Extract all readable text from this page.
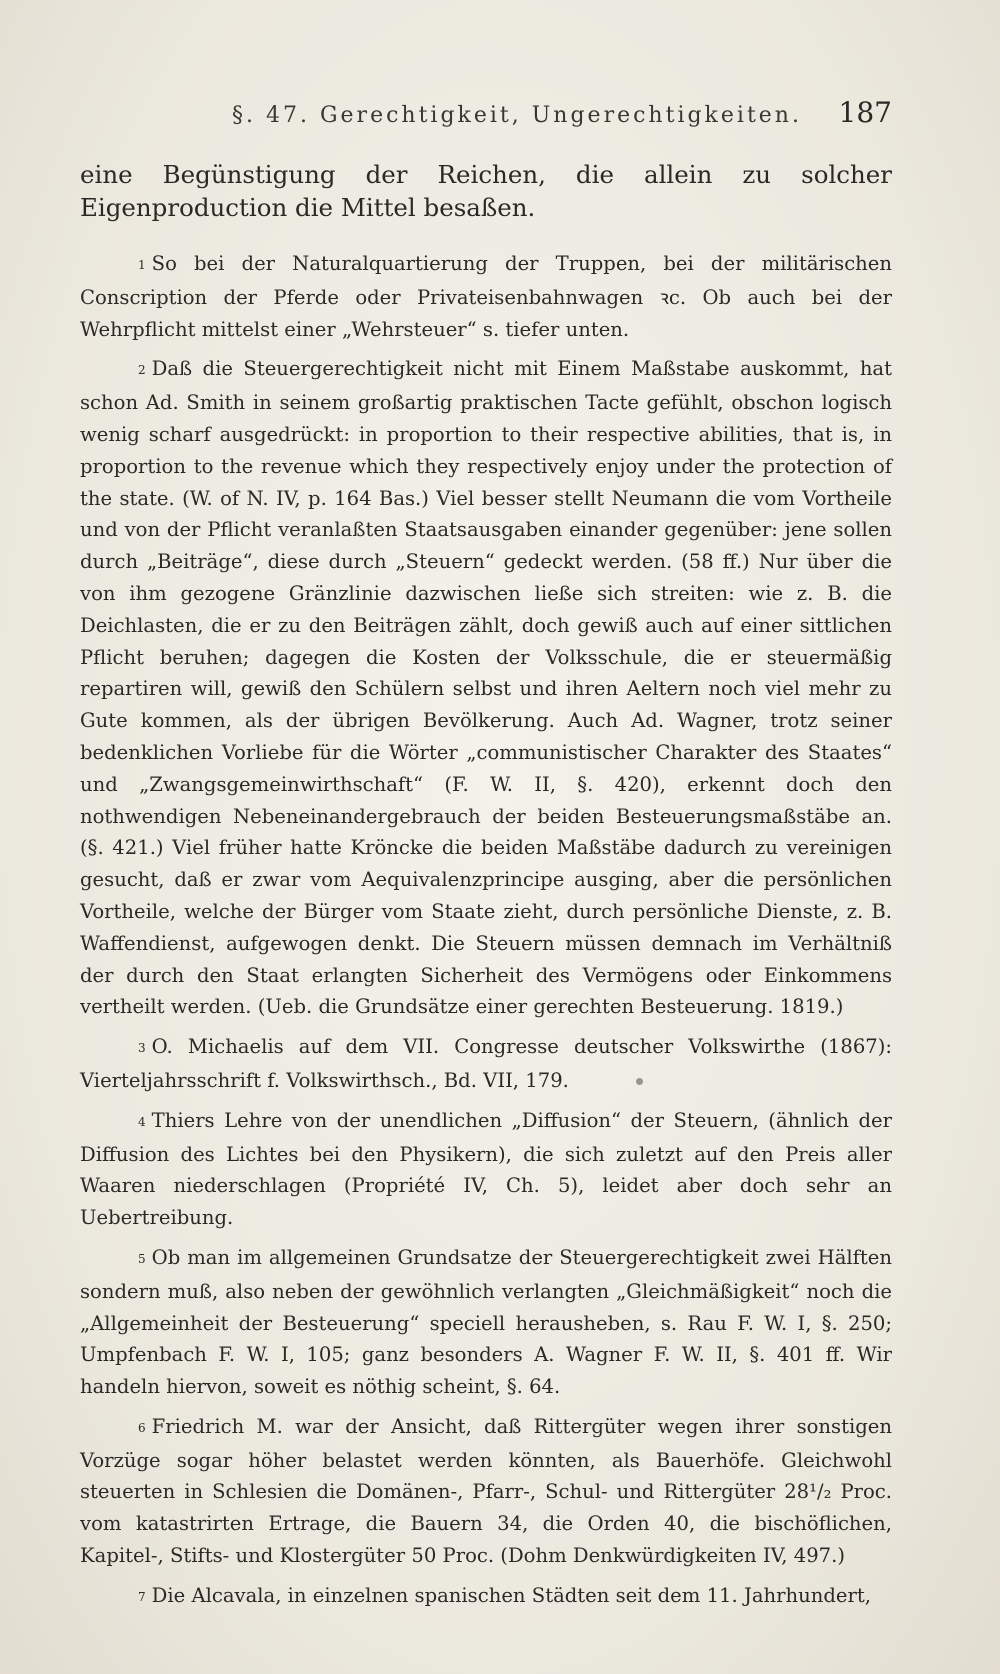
§. 47. Gerechtigkeit, Ungerechtigkeiten. 187
eine Begünstigung der Reichen, die allein zu solcher Eigenproduction die Mittel besaßen.

1 So bei der Naturalquartierung der Truppen, bei der militärischen Conscription der Pferde oder Privateisenbahnwagen ꝛc. Ob auch bei der Wehrpflicht mittelst einer „Wehrsteuer“ s. tiefer unten.

2 Daß die Steuergerechtigkeit nicht mit Einem Maßstabe auskommt, hat schon Ad. Smith in seinem großartig praktischen Tacte gefühlt, obschon logisch wenig scharf ausgedrückt: in proportion to their respective abilities, that is, in proportion to the revenue which they respectively enjoy under the protection of the state. (W. of N. IV, p. 164 Bas.) Viel besser stellt Neumann die vom Vortheile und von der Pflicht veranlaßten Staatsausgaben einander gegenüber: jene sollen durch „Beiträge“, diese durch „Steuern“ gedeckt werden. (58 ff.) Nur über die von ihm gezogene Gränzlinie dazwischen ließe sich streiten: wie z. B. die Deichlasten, die er zu den Beiträgen zählt, doch gewiß auch auf einer sittlichen Pflicht beruhen; dagegen die Kosten der Volksschule, die er steuermäßig repartiren will, gewiß den Schülern selbst und ihren Aeltern noch viel mehr zu Gute kommen, als der übrigen Bevölkerung. Auch Ad. Wagner, trotz seiner bedenklichen Vorliebe für die Wörter „communistischer Charakter des Staates“ und „Zwangsgemeinwirthschaft“ (F. W. II, §. 420), erkennt doch den nothwendigen Nebeneinandergebrauch der beiden Besteuerungsmaßstäbe an. (§. 421.) Viel früher hatte Kröncke die beiden Maßstäbe dadurch zu vereinigen gesucht, daß er zwar vom Aequivalenzprincipe ausging, aber die persönlichen Vortheile, welche der Bürger vom Staate zieht, durch persönliche Dienste, z. B. Waffendienst, aufgewogen denkt. Die Steuern müssen demnach im Verhältniß der durch den Staat erlangten Sicherheit des Vermögens oder Einkommens vertheilt werden. (Ueb. die Grundsätze einer gerechten Besteuerung. 1819.)

3 O. Michaelis auf dem VII. Congresse deutscher Volkswirthe (1867): Vierteljahrsschrift f. Volkswirthsch., Bd. VII, 179.

4 Thiers Lehre von der unendlichen „Diffusion“ der Steuern, (ähnlich der Diffusion des Lichtes bei den Physikern), die sich zuletzt auf den Preis aller Waaren niederschlagen (Propriété IV, Ch. 5), leidet aber doch sehr an Uebertreibung.

5 Ob man im allgemeinen Grundsatze der Steuergerechtigkeit zwei Hälften sondern muß, also neben der gewöhnlich verlangten „Gleichmäßigkeit“ noch die „Allgemeinheit der Besteuerung“ speciell herausheben, s. Rau F. W. I, §. 250; Umpfenbach F. W. I, 105; ganz besonders A. Wagner F. W. II, §. 401 ff. Wir handeln hiervon, soweit es nöthig scheint, §. 64.

6 Friedrich M. war der Ansicht, daß Rittergüter wegen ihrer sonstigen Vorzüge sogar höher belastet werden könnten, als Bauerhöfe. Gleichwohl steuerten in Schlesien die Domänen-, Pfarr-, Schul- und Rittergüter 28¹/₂ Proc. vom katastrirten Ertrage, die Bauern 34, die Orden 40, die bischöflichen, Kapitel-, Stifts- und Klostergüter 50 Proc. (Dohm Denkwürdigkeiten IV, 497.)

7 Die Alcavala, in einzelnen spanischen Städten seit dem 11. Jahrhundert,
